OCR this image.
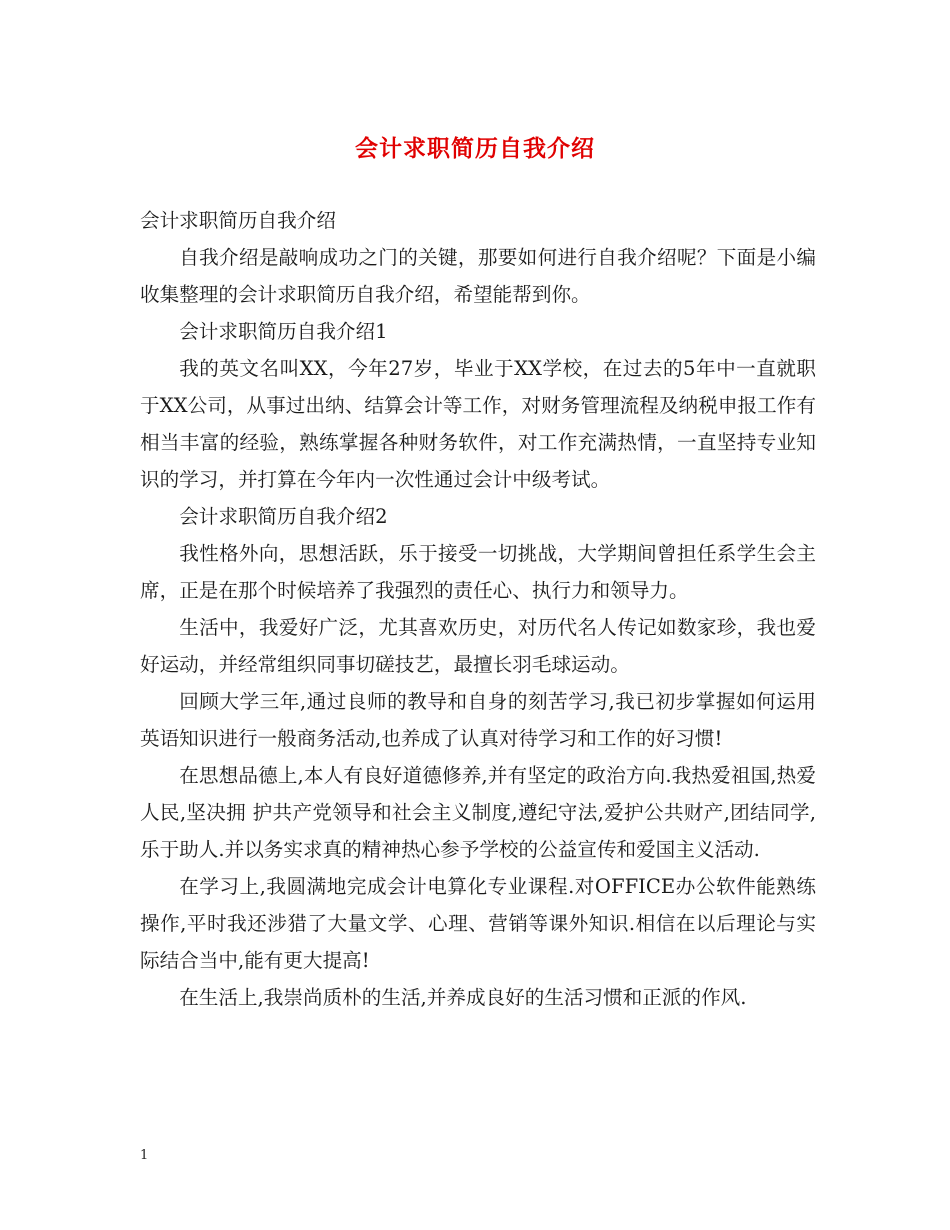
会计求职简历自我介绍

会计求职简历自我介绍

自我介绍是敲响成功之门的关键，那要如何进行自我介绍呢？下面是小编收集整理的会计求职简历自我介绍，希望能帮到你。

会计求职简历自我介绍1

我的英文名叫XX，今年27岁，毕业于XX学校，在过去的5年中一直就职于XX公司，从事过出纳、结算会计等工作，对财务管理流程及纳税申报工作有相当丰富的经验，熟练掌握各种财务软件，对工作充满热情，一直坚持专业知识的学习，并打算在今年内一次性通过会计中级考试。

会计求职简历自我介绍2

我性格外向，思想活跃，乐于接受一切挑战，大学期间曾担任系学生会主席，正是在那个时候培养了我强烈的责任心、执行力和领导力。

生活中，我爱好广泛，尤其喜欢历史，对历代名人传记如数家珍，我也爱好运动，并经常组织同事切磋技艺，最擅长羽毛球运动。

回顾大学三年,通过良师的教导和自身的刻苦学习,我已初步掌握如何运用英语知识进行一般商务活动,也养成了认真对待学习和工作的好习惯!

在思想品德上,本人有良好道德修养,并有坚定的政治方向.我热爱祖国,热爱人民,坚决拥 护共产党领导和社会主义制度,遵纪守法,爱护公共财产,团结同学,乐于助人.并以务实求真的精神热心参予学校的公益宣传和爱国主义活动.

在学习上,我圆满地完成会计电算化专业课程.对OFFICE办公软件能熟练操作,平时我还涉猎了大量文学、心理、营销等课外知识.相信在以后理论与实际结合当中,能有更大提高!

在生活上,我崇尚质朴的生活,并养成良好的生活习惯和正派的作风.

1
